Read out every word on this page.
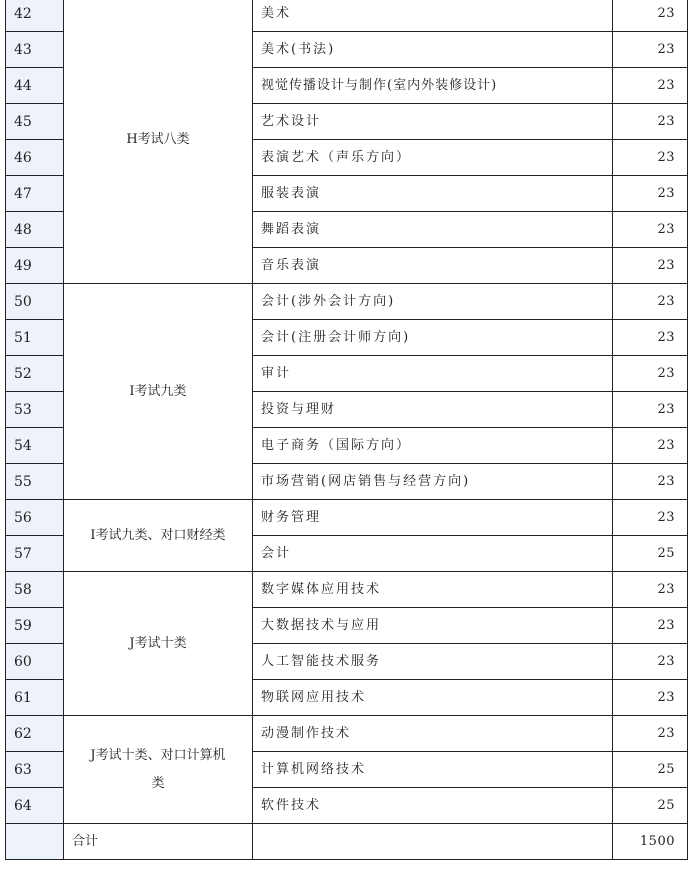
42	H考试八类	美术	23
43		美术(书法)	23
44		视觉传播设计与制作(室内外装修设计)	23
45		艺术设计	23
46		表演艺术（声乐方向）	23
47		服装表演	23
48		舞蹈表演	23
49		音乐表演	23
50	I考试九类	会计(涉外会计方向)	23
51		会计(注册会计师方向)	23
52		审计	23
53		投资与理财	23
54		电子商务（国际方向）	23
55		市场营销(网店销售与经营方向)	23
56	I考试九类、对口财经类	财务管理	23
57		会计	25
58	J考试十类	数字媒体应用技术	23
59		大数据技术与应用	23
60		人工智能技术服务	23
61		物联网应用技术	23
62	J考试十类、对口计算机类	动漫制作技术	23
63		计算机网络技术	25
64		软件技术	25
	合计		1500
